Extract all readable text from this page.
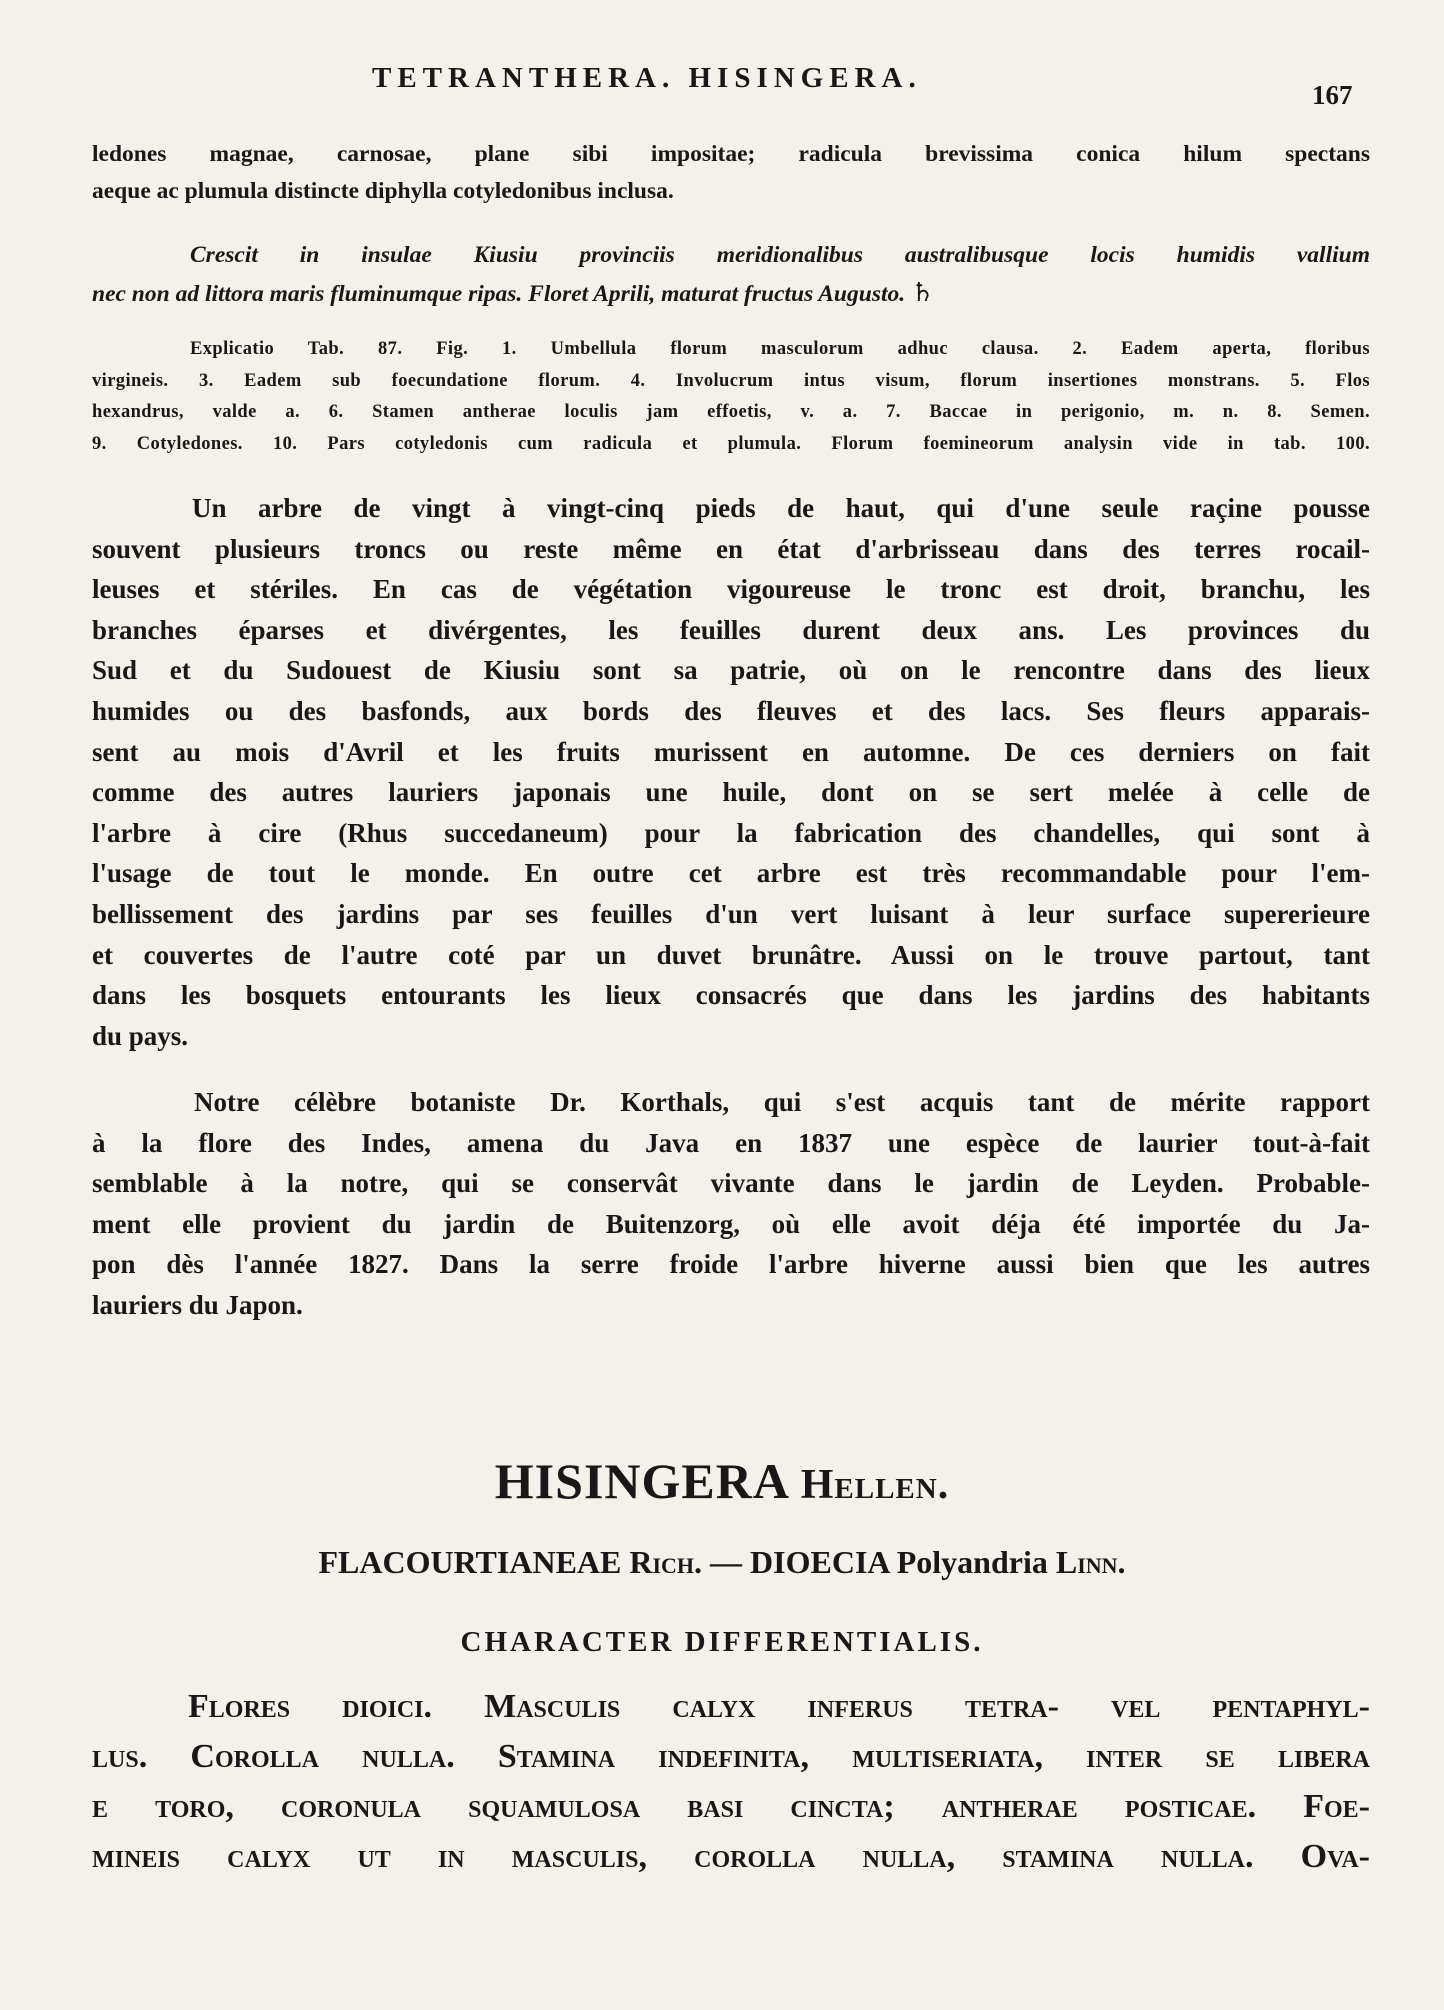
TETRANTHERA. HISINGERA.
167
ledones magnae, carnosae, plane sibi impositae; radicula brevissima conica hilum spectans
aeque ac plumula distincte diphylla cotyledonibus inclusa.
Crescit in insulae Kiusiu provinciis meridionalibus australibusque locis humidis vallium
nec non ad littora maris fluminumque ripas. Floret Aprili, maturat fructus Augusto. ♄
Explicatio Tab. 87. Fig. 1. Umbellula florum masculorum adhuc clausa. 2. Eadem aperta, floribus
virgineis. 3. Eadem sub foecundatione florum. 4. Involucrum intus visum, florum insertiones monstrans. 5. Flos
hexandrus, valde a. 6. Stamen antherae loculis jam effoetis, v. a. 7. Baccae in perigonio, m. n. 8. Semen.
9. Cotyledones. 10. Pars cotyledonis cum radicula et plumula. Florum foemineorum analysin vide in tab. 100.
Un arbre de vingt à vingt-cinq pieds de haut, qui d'une seule raçine pousse
souvent plusieurs troncs ou reste même en état d'arbrisseau dans des terres rocail-
leuses et stériles. En cas de végétation vigoureuse le tronc est droit, branchu, les
branches éparses et divérgentes, les feuilles durent deux ans. Les provinces du
Sud et du Sudouest de Kiusiu sont sa patrie, où on le rencontre dans des lieux
humides ou des basfonds, aux bords des fleuves et des lacs. Ses fleurs apparais-
sent au mois d'Avril et les fruits murissent en automne. De ces derniers on fait
comme des autres lauriers japonais une huile, dont on se sert melée à celle de
l'arbre à cire (Rhus succedaneum) pour la fabrication des chandelles, qui sont à
l'usage de tout le monde. En outre cet arbre est très recommandable pour l'em-
bellissement des jardins par ses feuilles d'un vert luisant à leur surface supererieure
et couvertes de l'autre coté par un duvet brunâtre. Aussi on le trouve partout, tant
dans les bosquets entourants les lieux consacrés que dans les jardins des habitants
du pays.
Notre célèbre botaniste Dr. Korthals, qui s'est acquis tant de mérite rapport
à la flore des Indes, amena du Java en 1837 une espèce de laurier tout-à-fait
semblable à la notre, qui se conservât vivante dans le jardin de Leyden. Probable-
ment elle provient du jardin de Buitenzorg, où elle avoit déja été importée du Ja-
pon dès l'année 1827. Dans la serre froide l'arbre hiverne aussi bien que les autres
lauriers du Japon.
HISINGERA Hellen.
FLACOURTIANEAE Rich. — DIOECIA Polyandria Linn.
CHARACTER DIFFERENTIALIS.
Flores dioici. Masculis calyx inferus tetra- vel pentaphyl-
lus. Corolla nulla. Stamina indefinita, multiseriata, inter se libera
e toro, coronula squamulosa basi cincta; antherae posticae. Foe-
mineis calyx ut in masculis, corolla nulla, stamina nulla. Ova-
